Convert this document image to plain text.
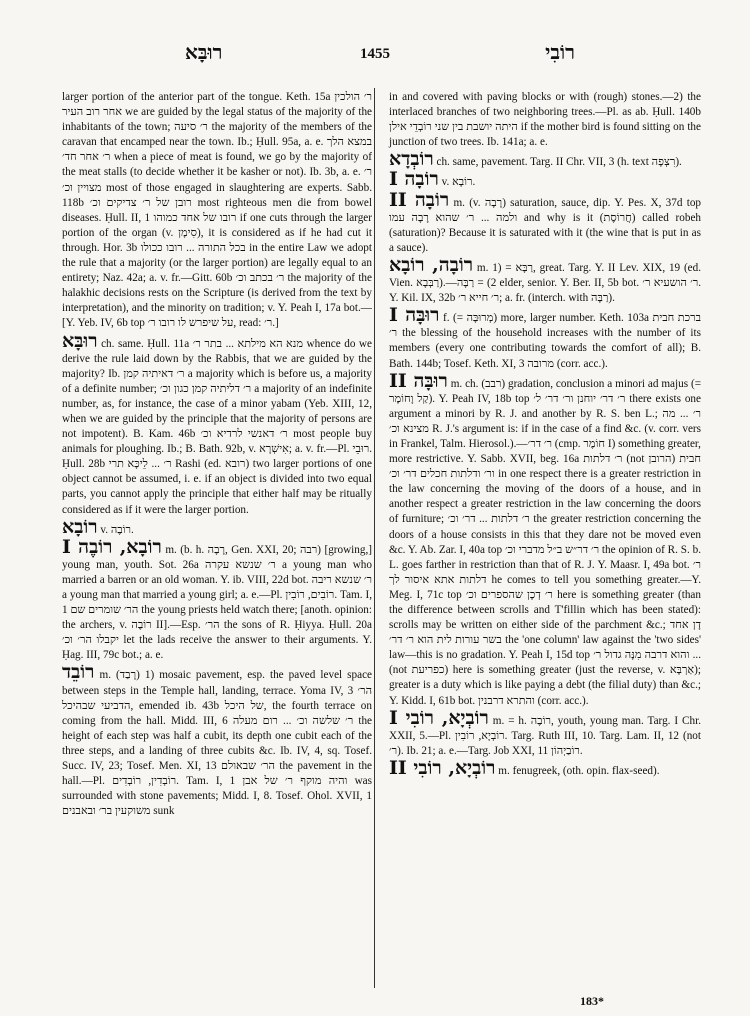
רוּבָּא	1455	רוֹבִי

larger portion of the anterior part of the tongue. Keth. 15a ר׳ הולכין אחר רוב העיר we are guided by the legal status of the majority of the inhabitants of the town; ר׳ סיעה the majority of the members of the caravan that encamped near the town. Ib.; Ḥull. 95a, a. e. במצא הלך ר׳ אחר חד׳ when a piece of meat is found, we go by the majority of the meat stalls (to decide whether it be kasher or not). Ib. 3b, a. e. ר׳ מצויין וכ׳ most of those engaged in slaughtering are experts. Sabb. 118b רובן של ר׳ צדיקים וכ׳ most righteous men die from bowel diseases. Ḥull. II, 1 רובו של אחד כמוהו if one cuts through the larger portion of the organ (v. סִימָן), it is considered as if he had cut it through. Hor. 3b בכל התורה ... רובו ככולו in the entire Law we adopt the rule that a majority (or the larger portion) are legally equal to an entirety; Naz. 42a; a. v. fr.—Gitt. 60b ר׳ בכתב וכ׳ the majority of the halakhic decisions rests on the Scripture (is derived from the text by interpretation), and the minority on tradition; v. Y. Peah I, 17a bot.—[Y. Yeb. IV, 6b top על שיפרש לו רובו ר׳, read: ר׳.]

רוּבָּא ch. same. Ḥull. 11a מנא הא מילתא ... בתר ר׳ whence do we derive the rule laid down by the Rabbis, that we are guided by the majority? Ib. ר׳ דאיתיה קמן a majority which is before us, a majority of a definite number; ר׳ דליתיה קמן כגון וכ׳ a majority of an indefinite number, as, for instance, the case of a minor yabam (Yeb. XIII, 12, when we are guided by the principle that the majority of persons are not impotent). B. Kam. 46b ר׳ דאנשי לרדיא וכ׳ most people buy animals for ploughing. Ib.; B. Bath. 92b, v. אִישְׁרָא; a. v. fr.—Pl. רוּבֵי. Ḥull. 28b ר׳ ... לֵיכָּא תרי Rashi (ed. רובא) two larger portions of one object cannot be assumed, i. e. if an object is divided into two equal parts, you cannot apply the principle that either half may be ritually considered as if it were the larger portion.

רוֹבָא v. רוֹבֶה.

רוֹבָא, רוֹבֶה I m. (b. h. רָבָה, Gen. XXI, 20; רבה) [growing,] young man, youth. Sot. 26a ר׳ שנשא עקרה a young man who married a barren or an old woman. Y. ib. VIII, 22d bot. ר׳ שנשא ריבה a young man that married a young girl; a. e.—Pl. רוֹבִים, רוֹבִין. Tam. I, 1 הר׳ שומרים שם the young priests held watch there; [anoth. opinion: the archers, v. רוֹבֶה II].—Esp. הר׳ the sons of R. Ḥiyya. Ḥull. 20a יקבלו הר׳ וכ׳ let the lads receive the answer to their arguments. Y. Ḥag. III, 79c bot.; a. e.

רוֹבֵד m. (רָבַד) 1) mosaic pavement, esp. the paved level space between steps in the Temple hall, landing, terrace. Yoma IV, 3 הר׳ הדביעי שבהיכל, emended ib. 43b של היכל, the fourth terrace on coming from the hall. Midd. III, 6 ר׳ שלשה וכ׳ ... רום מעלה the height of each step was half a cubit, its depth one cubit each of the three steps, and a landing of three cubits &c. Ib. IV, 4, sq. Tosef. Succ. IV, 23; Tosef. Men. XI, 13 הר׳ שבאולם the pavement in the hall.—Pl. רוֹבְדִין, רוֹבְדִים. Tam. I, 1 והיה מוקף ר׳ של אבן was surrounded with stone pavements; Midd. I, 8. Tosef. Ohol. XVII, 1 משוקעין בר׳ ובאבנים sunk

in and covered with paving blocks or with (rough) stones.—2) the interlaced branches of two neighboring trees.—Pl. as ab. Ḥull. 140b היתה יושבת בין שני רוֹבְדֵי אילן if the mother bird is found sitting on the junction of two trees. Ib. 141a; a. e.

רוֹבְדָא ch. same, pavement. Targ. II Chr. VII, 3 (h. text רִצְפָה).

רוֹבָה I v. רוֹבָא.

רוֹבָה II m. (v. רָבָה) saturation, sauce, dip. Y. Pes. X, 37d top ולמה ... ר׳ שהוא רָבָה עמו and why is it (חֲרוֹסֶת) called robeh (saturation)? Because it is saturated with it (the wine that is put in as a sauce).

רוֹבָה, רוֹבָא m. 1) = רַבָּא, great. Targ. Y. II Lev. XIX, 19 (ed. Vien. רַבְּבָא).—2) = רַבָּה elder, senior. Y. Ber. II, 5b bot. ר׳ הושעיא ר׳. Y. Kil. IX, 32b ר׳ חייא ר׳; a. fr. (interch. with רַבָּה).

רוּבָּה I f. (= מְרוּבָּה) more, larger number. Keth. 103a ברכת חבית ר׳ the blessing of the household increases with the number of its members (every one contributing towards the comfort of all); B. Bath. 144b; Tosef. Keth. XI, 3 מרובה (corr. acc.).

רוּבָּה II m. ch. (רבב) gradation, conclusion a minori ad majus (= קַל וָחוֹמֶר). Y. Peah IV, 18b top ר׳ דר׳ יוחנן ור׳ דר׳ ל׳ there exists one argument a minori by R. J. and another by R. S. ben L.; ר׳ ... מה מצינא וכ׳ R. J.'s argument is: if in the case of a find &c. (v. corr. vers in Frankel, Talm. Hierosol.).—ר׳ דר׳ (cmp. חוֹמֶר I) something greater, more restrictive. Y. Sabb. XVII, beg. 16a ר׳ דלתות (not הרובן) חבית ור׳ ודלתות חכלים דר׳ וכ׳ in one respect there is a greater restriction in the law concerning the moving of the doors of a house, and in another respect a greater restriction in the law concerning the doors of furniture; ר׳ דלתות ... דר׳ וכ׳ the greater restriction concerning the doors of a house consists in this that they dare not be moved even &c. Y. Ab. Zar. I, 40a top ר׳ דר״ש ב״ל מדברי וכ׳ the opinion of R. S. b. L. goes farther in restriction than that of R. J. Y. Maasr. I, 49a bot. ר׳ דלתות אתא איסור לך he comes to tell you something greater.—Y. Meg. I, 71c top ר׳ דְכָן שהספרים וכ׳ here is something greater (than the difference between scrolls and T'fillin which has been stated): scrolls may be written on either side of the parchment &c.; דָן אחד בשר עורות לית הוא ר׳ דר׳ the 'one column' law against the 'two sides' law—this is no gradation. Y. Peah I, 15d top והוא דרבה מִנָּה גדול ר׳ ... (not כפריעת) here is something greater (just the reverse, v. אַרְבָּא); greater is a duty which is like paying a debt (the filial duty) than &c.; Y. Kidd. I, 61b bot. והתרא דרבנין (corr. acc.).

רוֹבְיָא, רוֹבִי I m. = h. רוֹבֶה, youth, young man. Targ. I Chr. XXII, 5.—Pl. רוֹבְיָא, רוֹבִין. Targ. Ruth III, 10. Targ. Lam. II, 12 (not ר׳). Ib. 21; a. e.—Targ. Job XXI, 11 רוֹבַיְהוֹן.

רוֹבְיָא, רוֹבִי II m. fenugreek, (oth. opin. flax-seed).

183*
